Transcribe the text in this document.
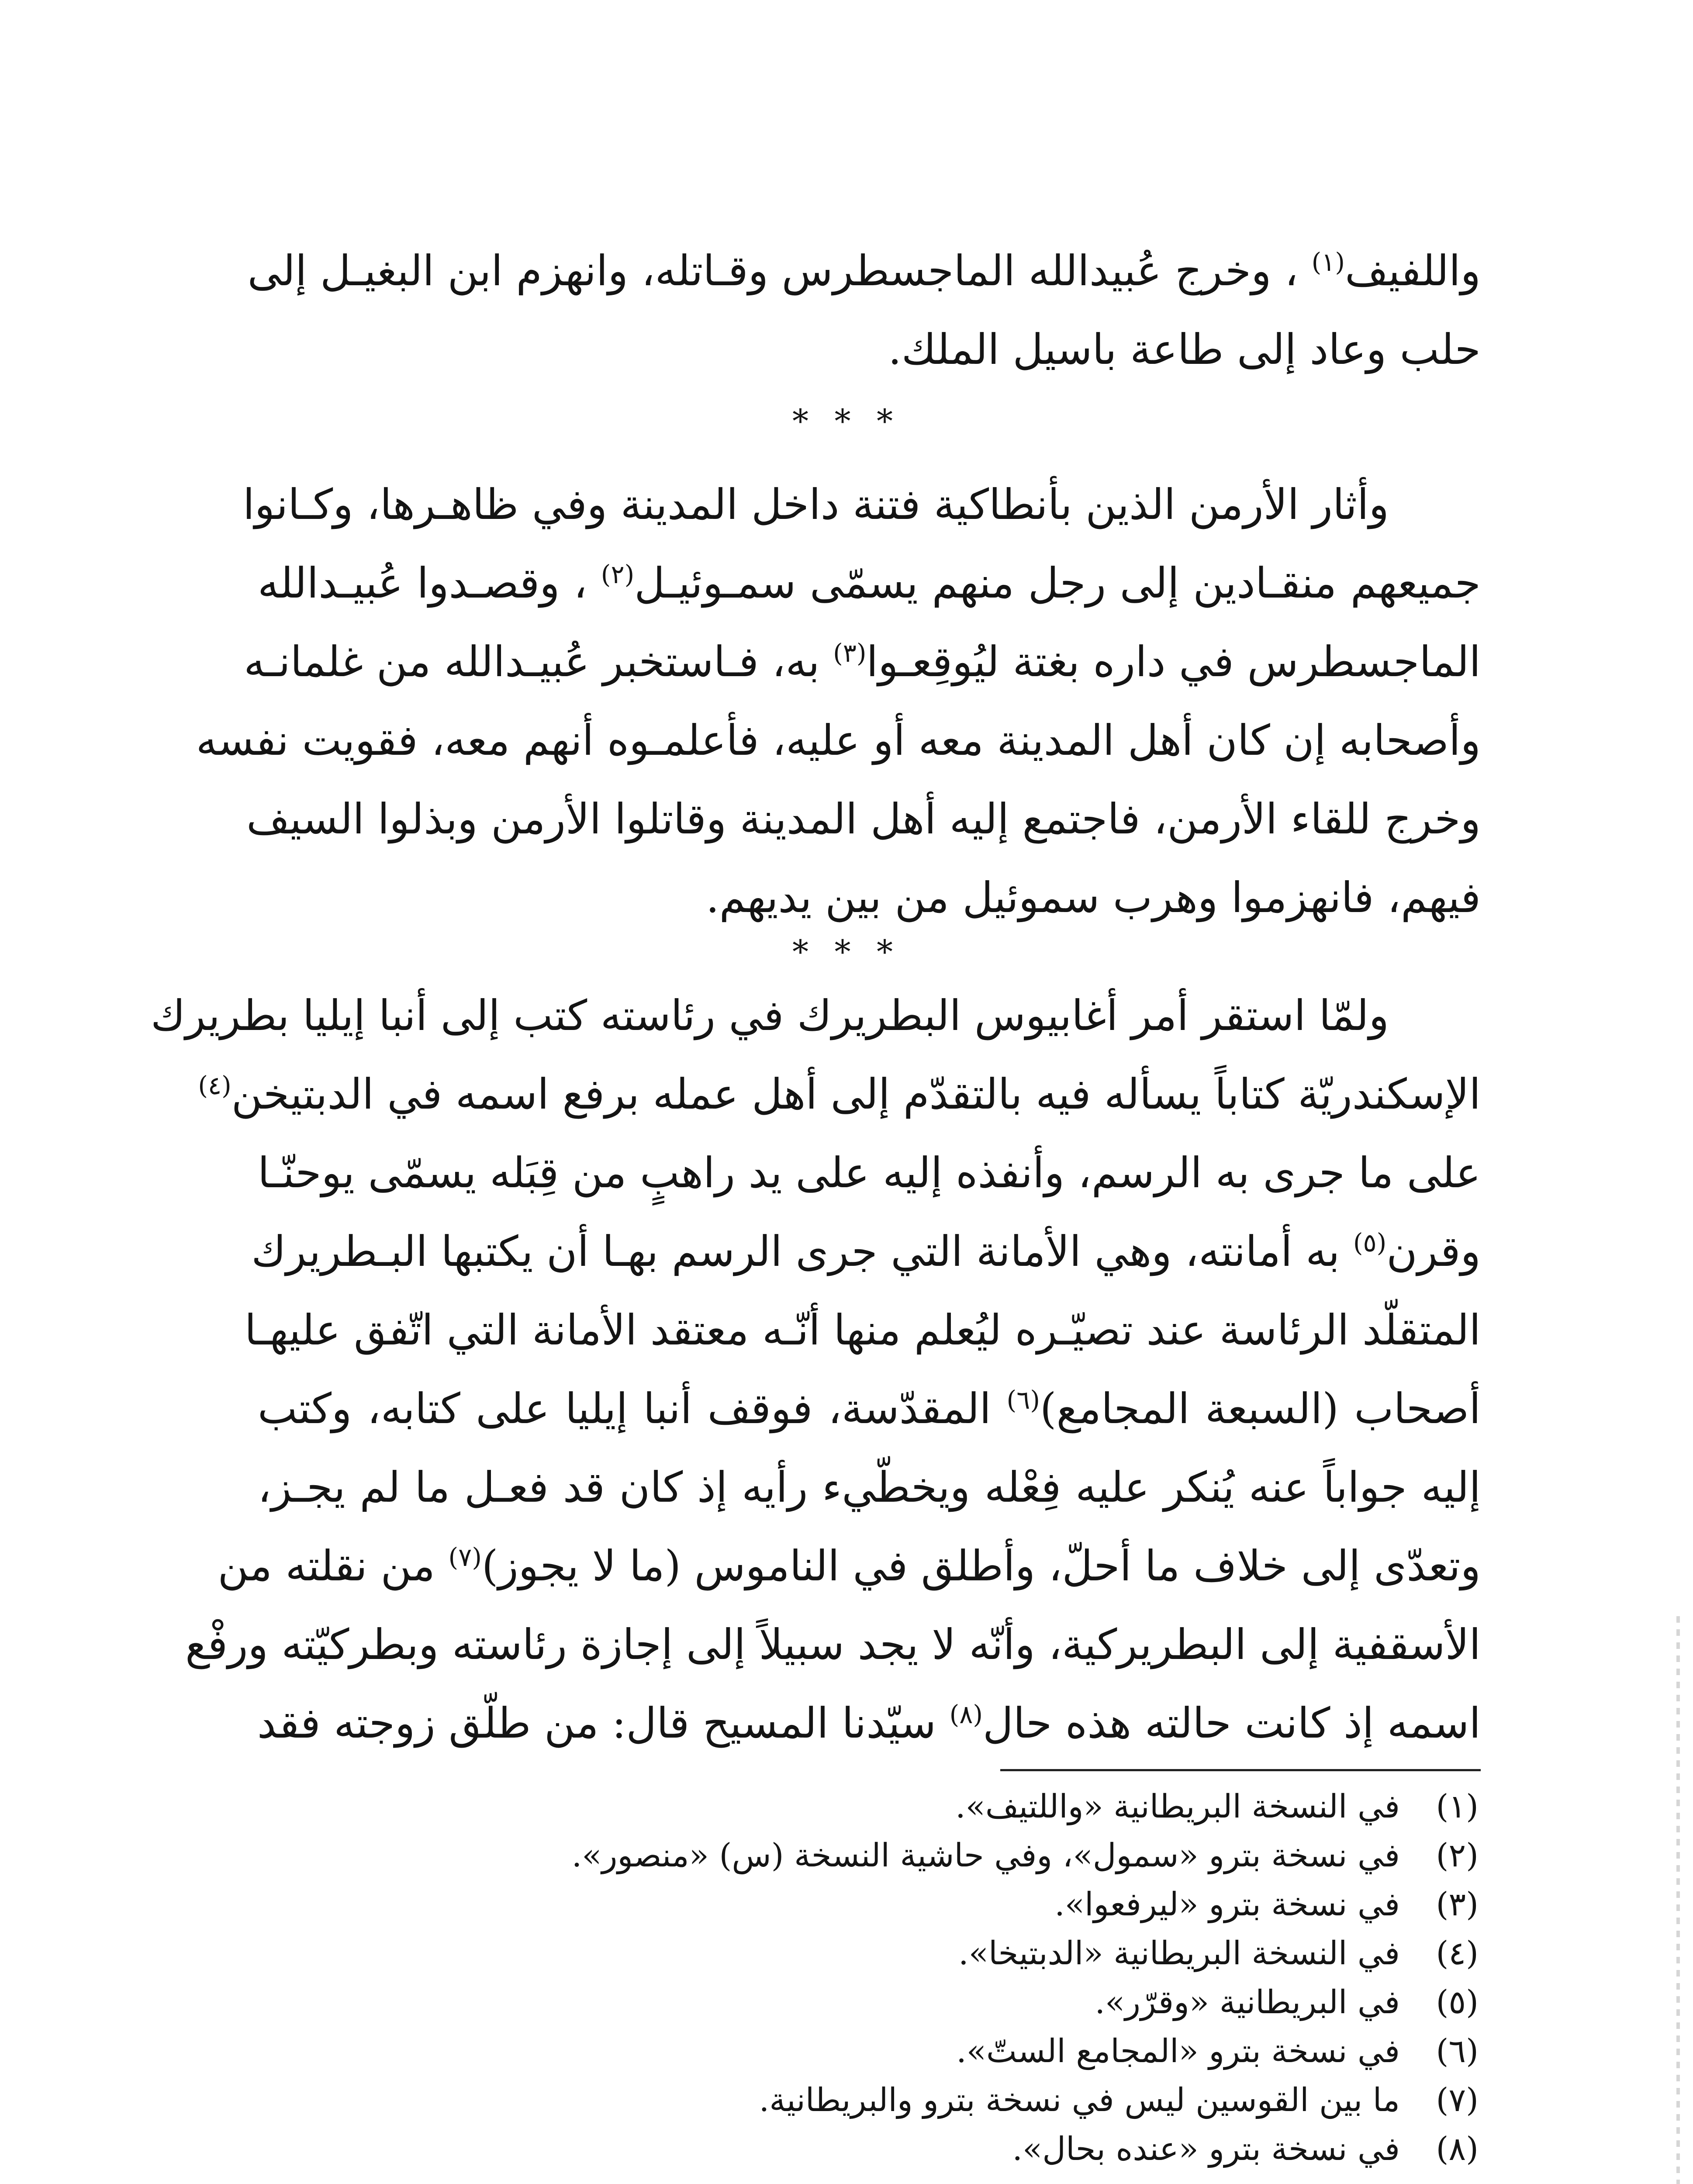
واللفيف$^{(١)}$ ، وخرج عُبيدالله الماجسطرس وقـاتله، وانهزم ابن البغيـل إلى
حلب وعاد إلى طاعة باسيل الملك.
* * *
وأثار الأرمن الذين بأنطاكية فتنة داخل المدينة وفي ظاهـرها، وكـانوا
جميعهم منقـادين إلى رجل منهم يسمّى سمـوئيـل$^{(٢)}$ ، وقصـدوا عُبيـدالله
الماجسطرس في داره بغتة ليُوقِعـوا$^{(٣)}$ به، فـاستخبر عُبيـدالله من غلمانـه
وأصحابه إن كان أهل المدينة معه أو عليه، فأعلمـوه أنهم معه، فقويت نفسه
وخرج للقاء الأرمن، فاجتمع إليه أهل المدينة وقاتلوا الأرمن وبذلوا السيف
فيهم، فانهزموا وهرب سموئيل من بين يديهم.
* * *
ولمّا استقر أمر أغابيوس البطريرك في رئاسته كتب إلى أنبا إيليا بطريرك
الإسكندريّة كتاباً يسأله فيه بالتقدّم إلى أهل عمله برفع اسمه في الدبتيخن$^{(٤)}$
على ما جرى به الرسم، وأنفذه إليه على يد راهبٍ من قِبَله يسمّى يوحنّـا
وقرن$^{(٥)}$ به أمانته، وهي الأمانة التي جرى الرسم بهـا أن يكتبها البـطريرك
المتقلّد الرئاسة عند تصيّـره ليُعلم منها أنّـه معتقد الأمانة التي اتّفق عليهـا
أصحاب (السبعة المجامع)$^{(٦)}$ المقدّسة، فوقف أنبا إيليا على كتابه، وكتب
إليه جواباً عنه يُنكر عليه فِعْله ويخطّيء رأيه إذ كان قد فعـل ما لم يجـز،
وتعدّى إلى خلاف ما أحلّ، وأطلق في الناموس (ما لا يجوز)$^{(٧)}$ من نقلته من
الأسقفية إلى البطريركية، وأنّه لا يجد سبيلاً إلى إجازة رئاسته وبطركيّته ورفْع
اسمه إذ كانت حالته هذه حال$^{(٨)}$ سيّدنا المسيح قال: من طلّق زوجته فقد
(١)في النسخة البريطانية «واللتيف».
(٢)في نسخة بترو «سمول»، وفي حاشية النسخة (س) «منصور».
(٣)في نسخة بترو «ليرفعوا».
(٤)في النسخة البريطانية «الدبتيخا».
(٥)في البريطانية «وقرّر».
(٦)في نسخة بترو «المجامع الستّ».
(٧)ما بين القوسين ليس في نسخة بترو والبريطانية.
(٨)في نسخة بترو «عنده بحال».
